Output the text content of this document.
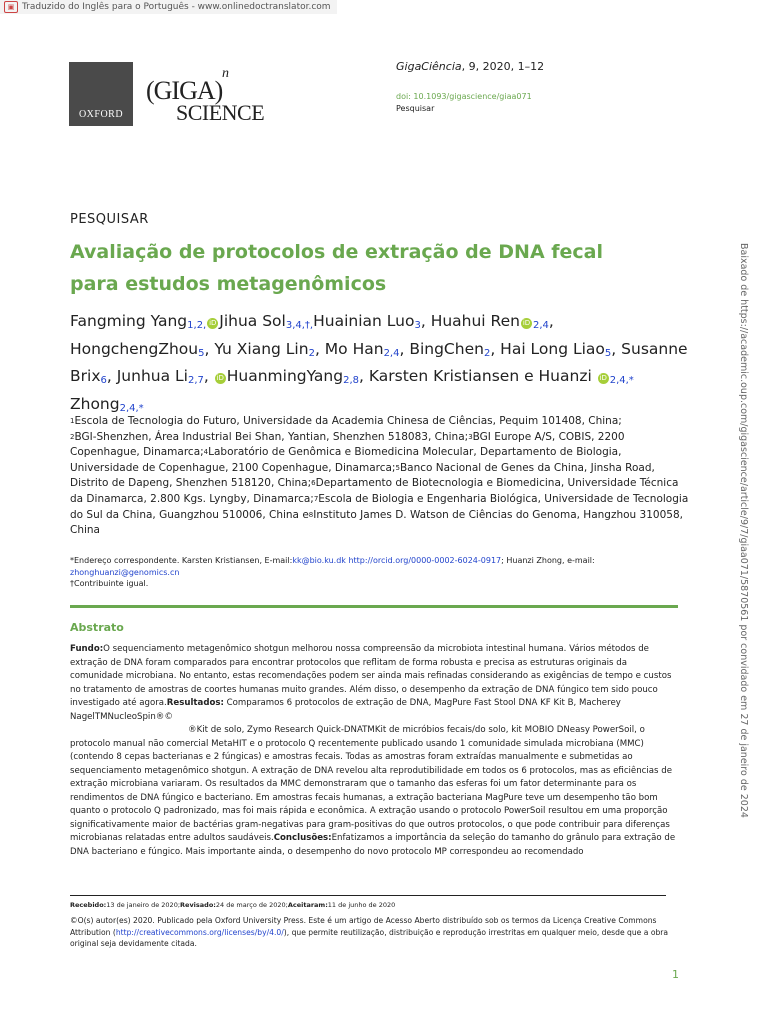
▣ Traduzido do Inglês para o Português - www.onlinedoctranslator.com
OXFORD
(GIGA)
n
SCIENCE
GigaCiência, 9, 2020, 1–12
doi: 10.1093/gigascience/giaa071
Pesquisar
PESQUISAR
Avaliação de protocolos de extração de DNA fecal para estudos metagenômicos
Fangming Yang$_{1,2,}$ iD Jihua Sol$_{3,4,\dagger,}$Huainian Luo$_3$, Huahui Ren iD $_{2,4}$, HongchengZhou$_5$, Yu Xiang Lin$_2$, Mo Han$_{2,4}$, BingChen$_2$, Hai Long Liao$_5$, Susanne Brix$_6$, Junhua $Li_{2,7}$, iD HuanmingYang$_{2,8}$, Karsten Kristiansen e Huanzi iD $_{2,4,*}$ Zhong$_{2,4,*}$
1Escola de Tecnologia do Futuro, Universidade da Academia Chinesa de Ciências, Pequim 101408, China;
2BGI-Shenzhen, Área Industrial Bei Shan, Yantian, Shenzhen 518083, China;3BGI Europe A/S, COBIS, 2200 Copenhague, Dinamarca;4Laboratório de Genômica e Biomedicina Molecular, Departamento de Biologia, Universidade de Copenhague, 2100 Copenhague, Dinamarca;5Banco Nacional de Genes da China, Jinsha Road, Distrito de Dapeng, Shenzhen 518120, China;6Departamento de Biotecnologia e Biomedicina, Universidade Técnica da Dinamarca, 2.800 Kgs. Lyngby, Dinamarca;7Escola de Biologia e Engenharia Biológica, Universidade de Tecnologia do Sul da China, Guangzhou 510006, China e8Instituto James D. Watson de Ciências do Genoma, Hangzhou 310058, China
*Endereço correspondente. Karsten Kristiansen, E-mail:kk@bio.ku.dk http://orcid.org/0000-0002-6024-0917; Huanzi Zhong, e-mail:
zhonghuanzi@genomics.cn
†Contribuinte igual.
Abstrato
Fundo:O sequenciamento metagenômico shotgun melhorou nossa compreensão da microbiota intestinal humana. Vários métodos de extração de DNA foram comparados para encontrar protocolos que reflitam de forma robusta e precisa as estruturas originais da comunidade microbiana. No entanto, estas recomendações podem ser ainda mais refinadas considerando as exigências de tempo e custos no tratamento de amostras de coortes humanas muito grandes. Além disso, o desempenho da extração de DNA fúngico tem sido pouco investigado até agora.Resultados: Comparamos 6 protocolos de extração de DNA, MagPure Fast Stool DNA KF Kit B, Macherey NagelTMNucleoSpin®©
®Kit de solo, Zymo Research Quick-DNATMKit de micróbios fecais/do solo, kit MOBIO DNeasy PowerSoil, o protocolo manual não comercial MetaHIT e o protocolo Q recentemente publicado usando 1 comunidade simulada microbiana (MMC) (contendo 8 cepas bacterianas e 2 fúngicas) e amostras fecais. Todas as amostras foram extraídas manualmente e submetidas ao sequenciamento metagenômico shotgun. A extração de DNA revelou alta reprodutibilidade em todos os 6 protocolos, mas as eficiências de extração microbiana variaram. Os resultados da MMC demonstraram que o tamanho das esferas foi um fator determinante para os rendimentos de DNA fúngico e bacteriano. Em amostras fecais humanas, a extração bacteriana MagPure teve um desempenho tão bom quanto o protocolo Q padronizado, mas foi mais rápida e econômica. A extração usando o protocolo PowerSoil resultou em uma proporção significativamente maior de bactérias gram-negativas para gram-positivas do que outros protocolos, o que pode contribuir para diferenças microbianas relatadas entre adultos saudáveis.Conclusões:Enfatizamos a importância da seleção do tamanho do grânulo para extração de DNA bacteriano e fúngico. Mais importante ainda, o desempenho do novo protocolo MP correspondeu ao recomendado
Recebido:13 de janeiro de 2020;Revisado:24 de março de 2020;Aceitaram:11 de junho de 2020
©O(s) autor(es) 2020. Publicado pela Oxford University Press. Este é um artigo de Acesso Aberto distribuído sob os termos da Licença Creative Commons Attribution (http://creativecommons.org/licenses/by/4.0/), que permite reutilização, distribuição e reprodução irrestritas em qualquer meio, desde que a obra original seja devidamente citada.
1
Baixado de https://academic.oup.com/gigascience/article/9/7/giaa071/5870561 por convidado em 27 de janeiro de 2024
